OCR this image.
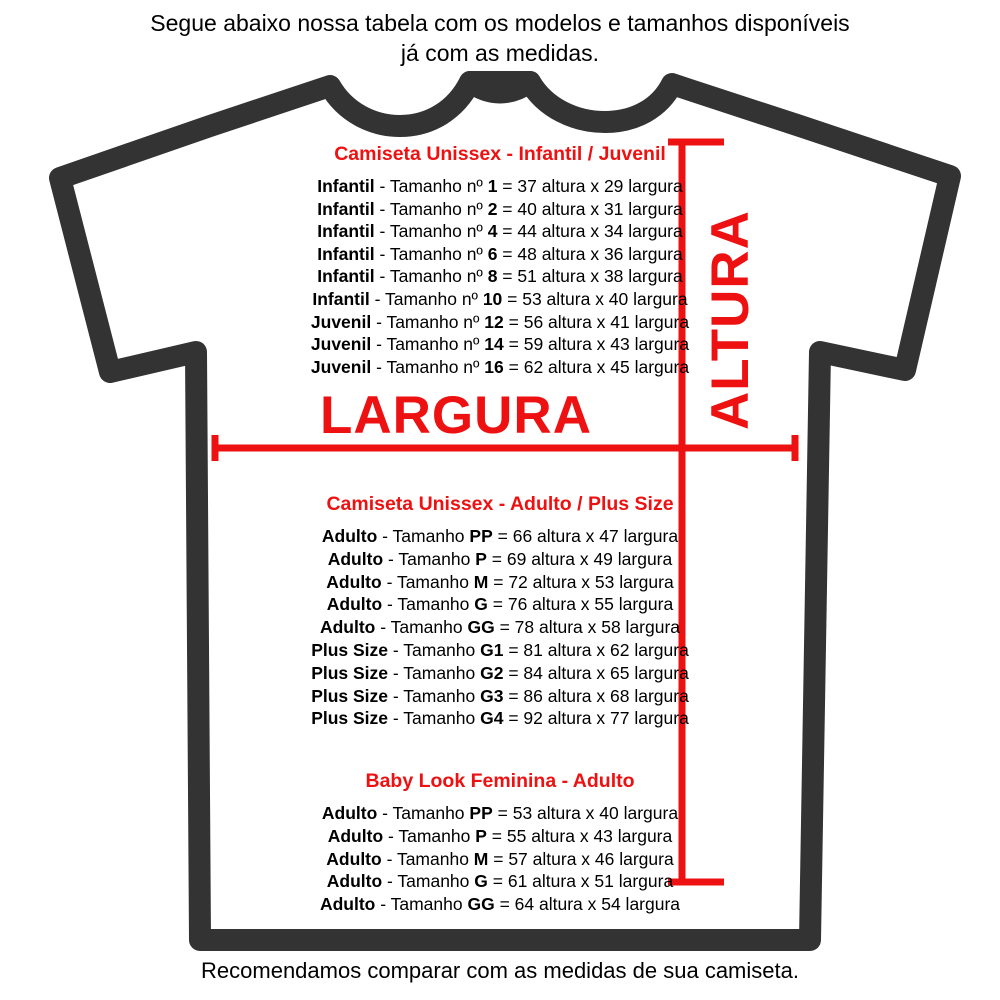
Segue abaixo nossa tabela com os modelos e tamanhos disponíveis
já com as medidas.
LARGURA ALTURA
Camiseta Unissex - Infantil / Juvenil
Infantil - Tamanho nº 1 = 37 altura x 29 largura
Infantil - Tamanho nº 2 = 40 altura x 31 largura
Infantil - Tamanho nº 4 = 44 altura x 34 largura
Infantil - Tamanho nº 6 = 48 altura x 36 largura
Infantil - Tamanho nº 8 = 51 altura x 38 largura
Infantil - Tamanho nº 10 = 53 altura x 40 largura
Juvenil - Tamanho nº 12 = 56 altura x 41 largura
Juvenil - Tamanho nº 14 = 59 altura x 43 largura
Juvenil - Tamanho nº 16 = 62 altura x 45 largura
Camiseta Unissex - Adulto / Plus Size
Adulto - Tamanho PP = 66 altura x 47 largura
Adulto - Tamanho P = 69 altura x 49 largura
Adulto - Tamanho M = 72 altura x 53 largura
Adulto - Tamanho G = 76 altura x 55 largura
Adulto - Tamanho GG = 78 altura x 58 largura
Plus Size - Tamanho G1 = 81 altura x 62 largura
Plus Size - Tamanho G2 = 84 altura x 65 largura
Plus Size - Tamanho G3 = 86 altura x 68 largura
Plus Size - Tamanho G4 = 92 altura x 77 largura
Baby Look Feminina - Adulto
Adulto - Tamanho PP = 53 altura x 40 largura
Adulto - Tamanho P = 55 altura x 43 largura
Adulto - Tamanho M = 57 altura x 46 largura
Adulto - Tamanho G = 61 altura x 51 largura
Adulto - Tamanho GG = 64 altura x 54 largura
Recomendamos comparar com as medidas de sua camiseta.
